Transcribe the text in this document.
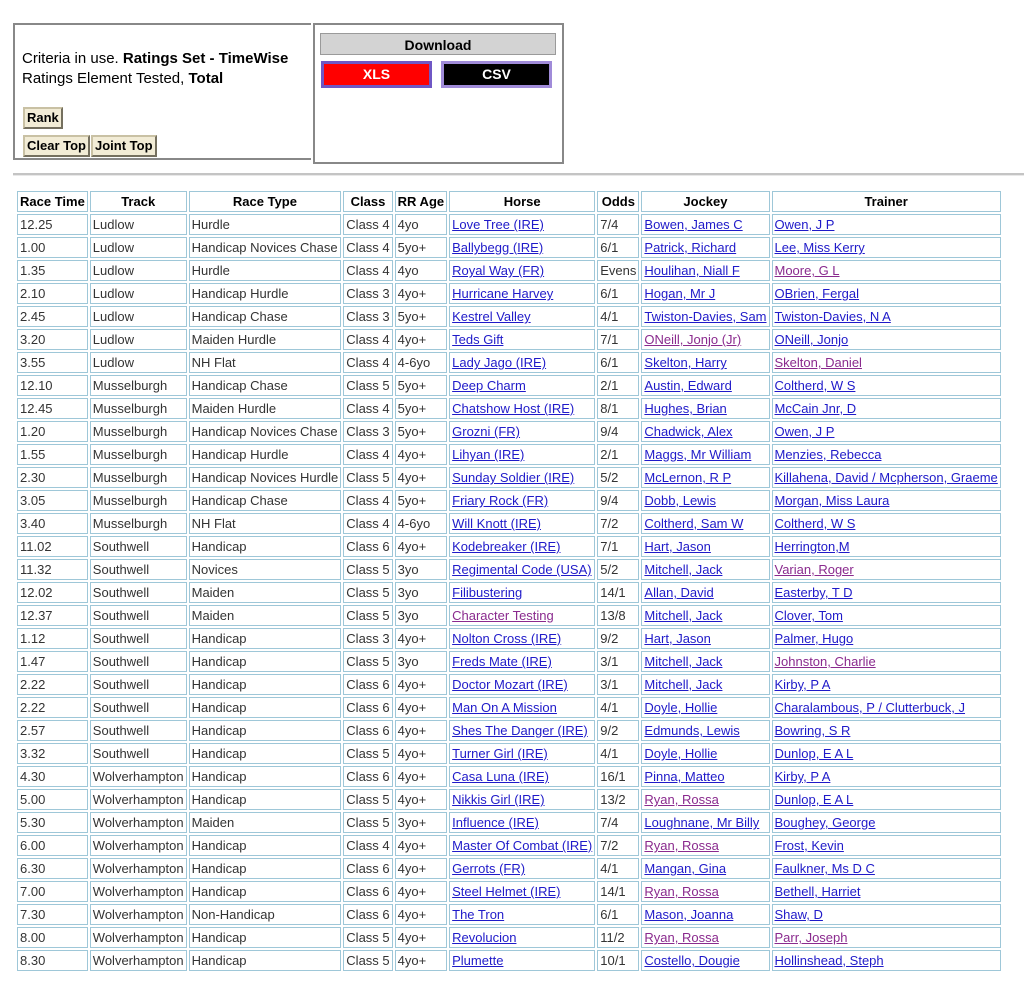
Criteria in use. Ratings Set - TimeWise
Ratings Element Tested, Total
Rank
Clear Top Joint Top
Download
XLS	CSV
Race Time	Track	Race Type	Class	RR Age	Horse	Odds	Jockey	Trainer
12.25	Ludlow	Hurdle	Class 4	4yo	Love Tree (IRE)	7/4	Bowen, James C	Owen, J P
1.00	Ludlow	Handicap Novices Chase	Class 4	5yo+	Ballybegg (IRE)	6/1	Patrick, Richard	Lee, Miss Kerry
1.35	Ludlow	Hurdle	Class 4	4yo	Royal Way (FR)	Evens	Houlihan, Niall F	Moore, G L
2.10	Ludlow	Handicap Hurdle	Class 3	4yo+	Hurricane Harvey	6/1	Hogan, Mr J	OBrien, Fergal
2.45	Ludlow	Handicap Chase	Class 3	5yo+	Kestrel Valley	4/1	Twiston-Davies, Sam	Twiston-Davies, N A
3.20	Ludlow	Maiden Hurdle	Class 4	4yo+	Teds Gift	7/1	ONeill, Jonjo (Jr)	ONeill, Jonjo
3.55	Ludlow	NH Flat	Class 4	4-6yo	Lady Jago (IRE)	6/1	Skelton, Harry	Skelton, Daniel
12.10	Musselburgh	Handicap Chase	Class 5	5yo+	Deep Charm	2/1	Austin, Edward	Coltherd, W S
12.45	Musselburgh	Maiden Hurdle	Class 4	5yo+	Chatshow Host (IRE)	8/1	Hughes, Brian	McCain Jnr, D
1.20	Musselburgh	Handicap Novices Chase	Class 3	5yo+	Grozni (FR)	9/4	Chadwick, Alex	Owen, J P
1.55	Musselburgh	Handicap Hurdle	Class 4	4yo+	Lihyan (IRE)	2/1	Maggs, Mr William	Menzies, Rebecca
2.30	Musselburgh	Handicap Novices Hurdle	Class 5	4yo+	Sunday Soldier (IRE)	5/2	McLernon, R P	Killahena, David / Mcpherson, Graeme
3.05	Musselburgh	Handicap Chase	Class 4	5yo+	Friary Rock (FR)	9/4	Dobb, Lewis	Morgan, Miss Laura
3.40	Musselburgh	NH Flat	Class 4	4-6yo	Will Knott (IRE)	7/2	Coltherd, Sam W	Coltherd, W S
11.02	Southwell	Handicap	Class 6	4yo+	Kodebreaker (IRE)	7/1	Hart, Jason	Herrington,M
11.32	Southwell	Novices	Class 5	3yo	Regimental Code (USA)	5/2	Mitchell, Jack	Varian, Roger
12.02	Southwell	Maiden	Class 5	3yo	Filibustering	14/1	Allan, David	Easterby, T D
12.37	Southwell	Maiden	Class 5	3yo	Character Testing	13/8	Mitchell, Jack	Clover, Tom
1.12	Southwell	Handicap	Class 3	4yo+	Nolton Cross (IRE)	9/2	Hart, Jason	Palmer, Hugo
1.47	Southwell	Handicap	Class 5	3yo	Freds Mate (IRE)	3/1	Mitchell, Jack	Johnston, Charlie
2.22	Southwell	Handicap	Class 6	4yo+	Doctor Mozart (IRE)	3/1	Mitchell, Jack	Kirby, P A
2.22	Southwell	Handicap	Class 6	4yo+	Man On A Mission	4/1	Doyle, Hollie	Charalambous, P / Clutterbuck, J
2.57	Southwell	Handicap	Class 6	4yo+	Shes The Danger (IRE)	9/2	Edmunds, Lewis	Bowring, S R
3.32	Southwell	Handicap	Class 5	4yo+	Turner Girl (IRE)	4/1	Doyle, Hollie	Dunlop, E A L
4.30	Wolverhampton	Handicap	Class 6	4yo+	Casa Luna (IRE)	16/1	Pinna, Matteo	Kirby, P A
5.00	Wolverhampton	Handicap	Class 5	4yo+	Nikkis Girl (IRE)	13/2	Ryan, Rossa	Dunlop, E A L
5.30	Wolverhampton	Maiden	Class 5	3yo+	Influence (IRE)	7/4	Loughnane, Mr Billy	Boughey, George
6.00	Wolverhampton	Handicap	Class 4	4yo+	Master Of Combat (IRE)	7/2	Ryan, Rossa	Frost, Kevin
6.30	Wolverhampton	Handicap	Class 6	4yo+	Gerrots (FR)	4/1	Mangan, Gina	Faulkner, Ms D C
7.00	Wolverhampton	Handicap	Class 6	4yo+	Steel Helmet (IRE)	14/1	Ryan, Rossa	Bethell, Harriet
7.30	Wolverhampton	Non-Handicap	Class 6	4yo+	The Tron	6/1	Mason, Joanna	Shaw, D
8.00	Wolverhampton	Handicap	Class 5	4yo+	Revolucion	11/2	Ryan, Rossa	Parr, Joseph
8.30	Wolverhampton	Handicap	Class 5	4yo+	Plumette	10/1	Costello, Dougie	Hollinshead, Steph
